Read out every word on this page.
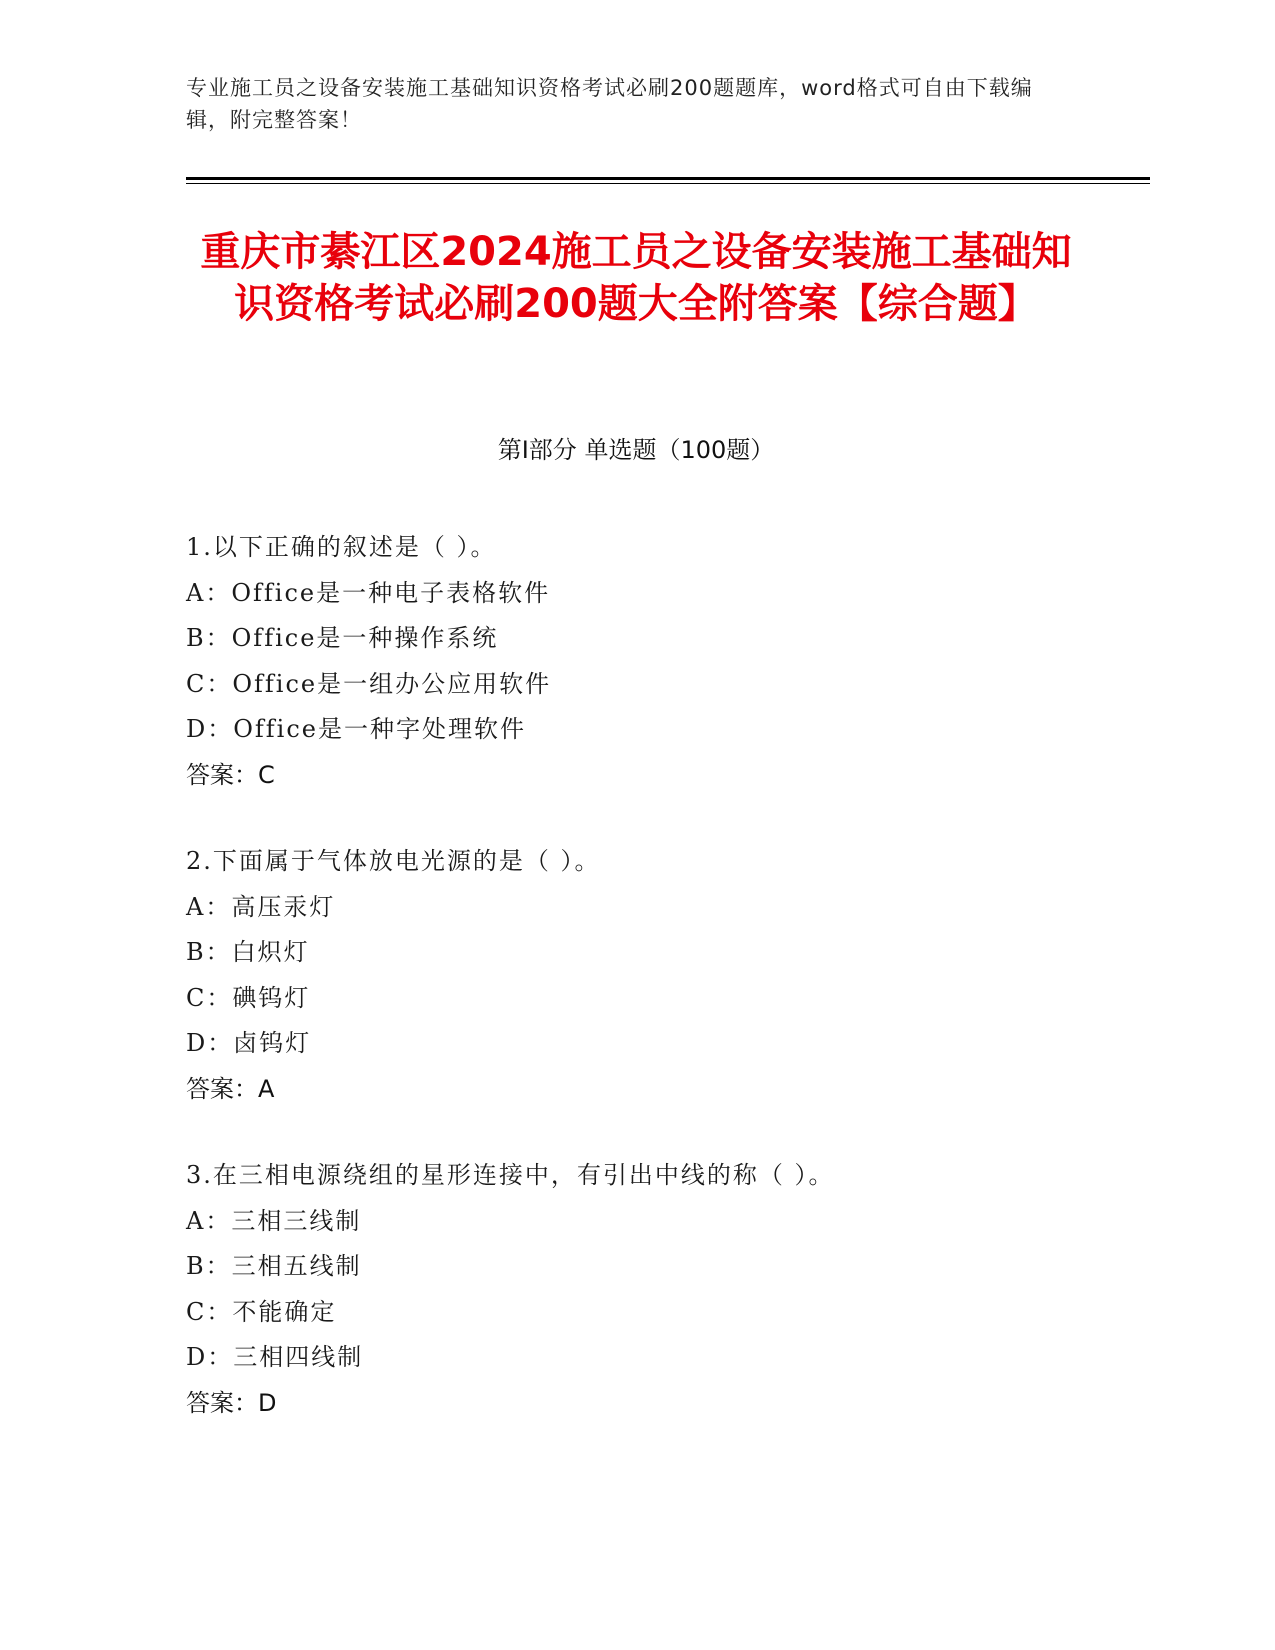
专业施工员之设备安装施工基础知识资格考试必刷200题题库，word格式可自由下载编辑，附完整答案！
重庆市綦江区2024施工员之设备安装施工基础知识资格考试必刷200题大全附答案【综合题】
第I部分 单选题（100题）
1.以下正确的叙述是（ ）。
A：Office是一种电子表格软件
B：Office是一种操作系统
C：Office是一组办公应用软件
D：Office是一种字处理软件
答案：C
2.下面属于气体放电光源的是（ ）。
A：高压汞灯
B：白炽灯
C：碘钨灯
D：卤钨灯
答案：A
3.在三相电源绕组的星形连接中，有引出中线的称（ ）。
A：三相三线制
B：三相五线制
C：不能确定
D：三相四线制
答案：D
